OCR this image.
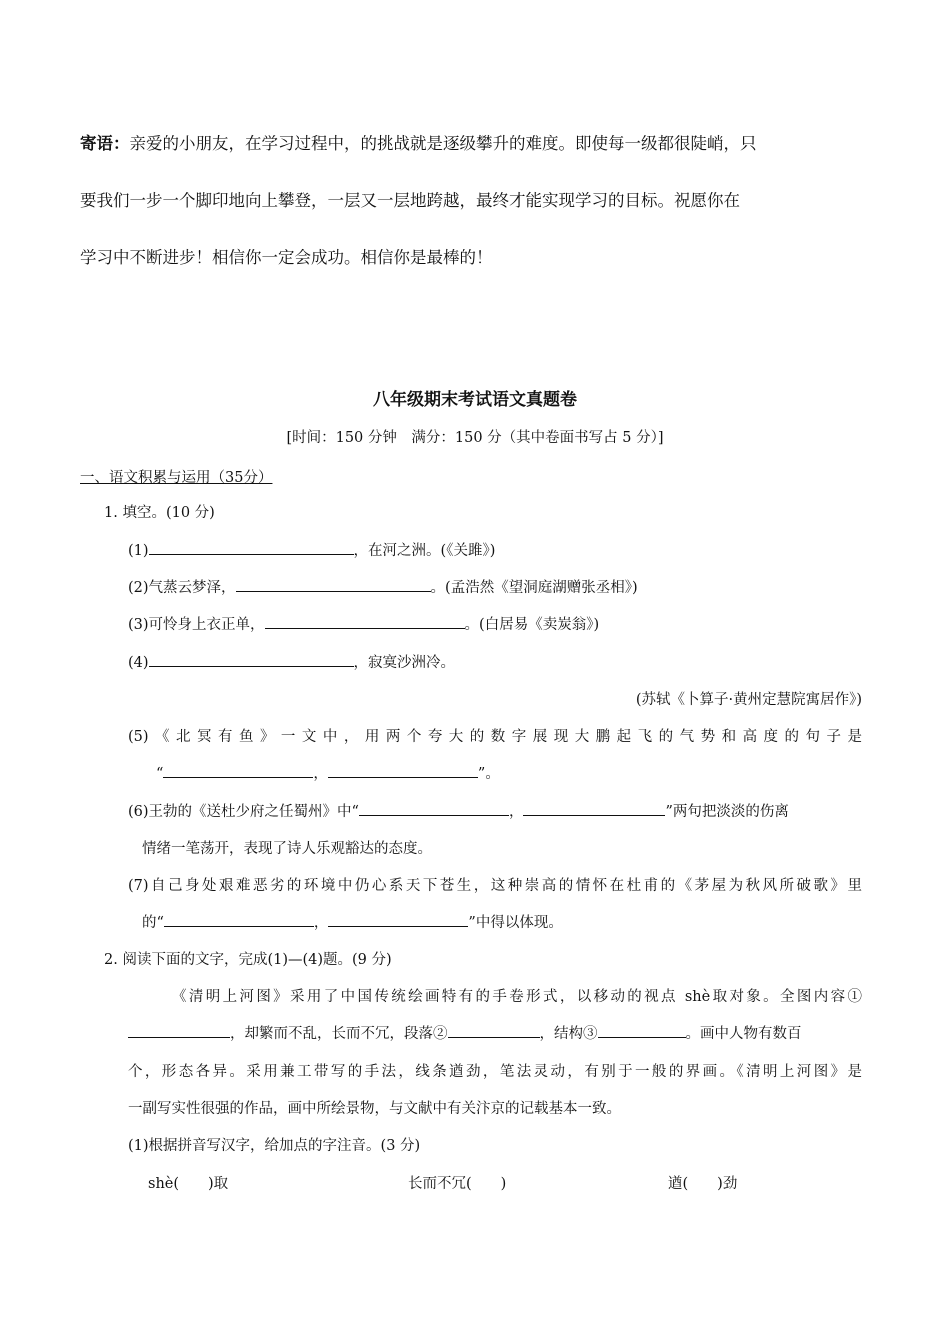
寄语：亲爱的小朋友，在学习过程中，的挑战就是逐级攀升的难度。即使每一级都很陡峭，只
要我们一步一个脚印地向上攀登，一层又一层地跨越，最终才能实现学习的目标。祝愿你在
学习中不断进步！相信你一定会成功。相信你是最棒的！
八年级期末考试语文真题卷
[时间：150 分钟　满分：150 分（其中卷面书写占 5 分）]
一、语文积累与运用（35分）
1. 填空。(10 分)
(1)	，在河之洲。(《关雎》)
(2)气蒸云梦泽，	。(孟浩然《望洞庭湖赠张丞相》)
(3)可怜身上衣正单，	。(白居易《卖炭翁》)
(4)	，寂寞沙洲冷。
(苏轼《卜算子·黄州定慧院寓居作》)
(5)《北冥有鱼》一文中，用两个夸大的数字展现大鹏起飞的气势和高度的句子是
“	，	”。
(6)王勃的《送杜少府之任蜀州》中“	，	”两句把淡淡的伤离
情绪一笔荡开，表现了诗人乐观豁达的态度。
(7)自己身处艰难恶劣的环境中仍心系天下苍生，这种崇高的情怀在杜甫的《茅屋为秋风所破歌》里
的“	，	”中得以体现。
2. 阅读下面的文字，完成(1)—(4)题。(9 分)
《清明上河图》采用了中国传统绘画特有的手卷形式，以移动的视点 shè取对象。全图内容①
，却繁而不乱，长而不冗，段落②	，结构③	。画中人物有数百
个，形态各异。采用兼工带写的手法，线条遒劲，笔法灵动，有别于一般的界画。《清明上河图》是
一副写实性很强的作品，画中所绘景物，与文献中有关汴京的记载基本一致。
(1)根据拼音写汉字，给加点的字注音。(3 分)
shè(　　)取	长而不冗(　　)	遒(　　)劲
